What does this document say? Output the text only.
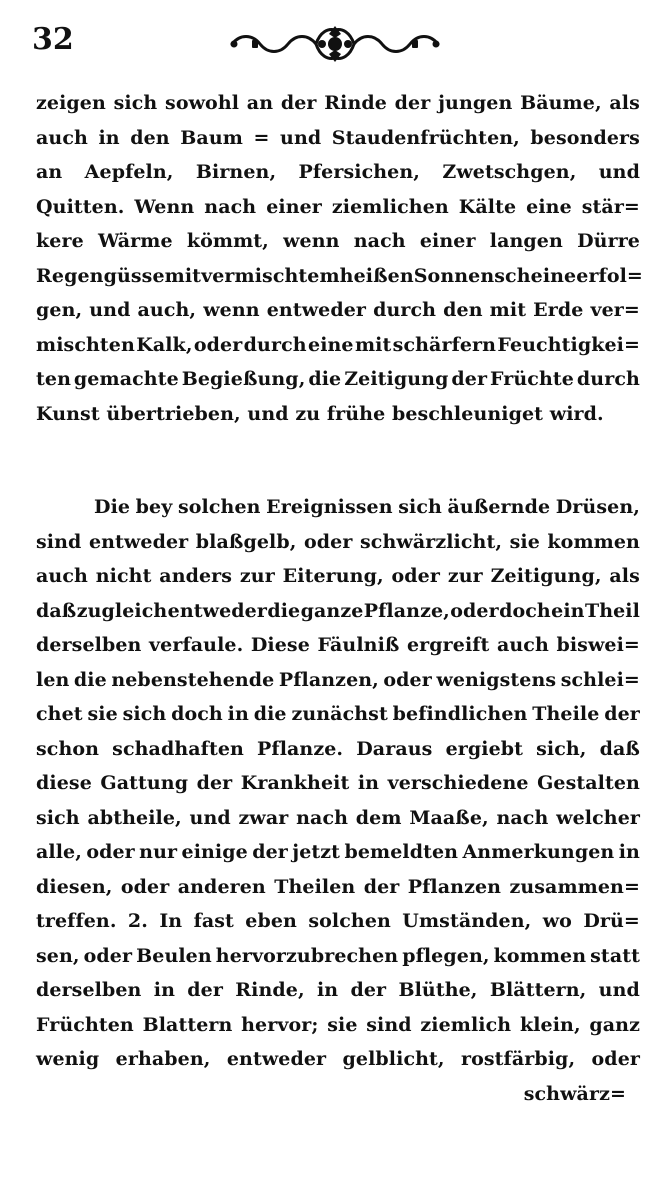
32
zeigen sich sowohl an der Rinde der jungen Bäume, als
auch in den Baum = und Staudenfrüchten, besonders
an Aepfeln, Birnen, Pfersichen, Zwetschgen, und
Quitten. Wenn nach einer ziemlichen Kälte eine stär=
kere Wärme kömmt, wenn nach einer langen Dürre
Regengüsse mit vermischtem heißen Sonnenscheine erfol=
gen, und auch, wenn entweder durch den mit Erde ver=
mischten Kalk, oder durch eine mit schärfern Feuchtigkei=
ten gemachte Begießung, die Zeitigung der Früchte durch
Kunst übertrieben, und zu frühe beschleuniget wird.
Die bey solchen Ereignissen sich äußernde Drüsen,
sind entweder blaßgelb, oder schwärzlicht, sie kommen
auch nicht anders zur Eiterung, oder zur Zeitigung, als
daß zugleich entweder die ganze Pflanze, oder doch ein Theil
derselben verfaule. Diese Fäulniß ergreift auch biswei=
len die nebenstehende Pflanzen, oder wenigstens schlei=
chet sie sich doch in die zunächst befindlichen Theile der
schon schadhaften Pflanze. Daraus ergiebt sich, daß
diese Gattung der Krankheit in verschiedene Gestalten
sich abtheile, und zwar nach dem Maaße, nach welcher
alle, oder nur einige der jetzt bemeldten Anmerkungen in
diesen, oder anderen Theilen der Pflanzen zusammen=
treffen. 2. In fast eben solchen Umständen, wo Drü=
sen, oder Beulen hervorzubrechen pflegen, kommen statt
derselben in der Rinde, in der Blüthe, Blättern, und
Früchten Blattern hervor; sie sind ziemlich klein, ganz
wenig erhaben, entweder gelblicht, rostfärbig, oder
schwärz=
